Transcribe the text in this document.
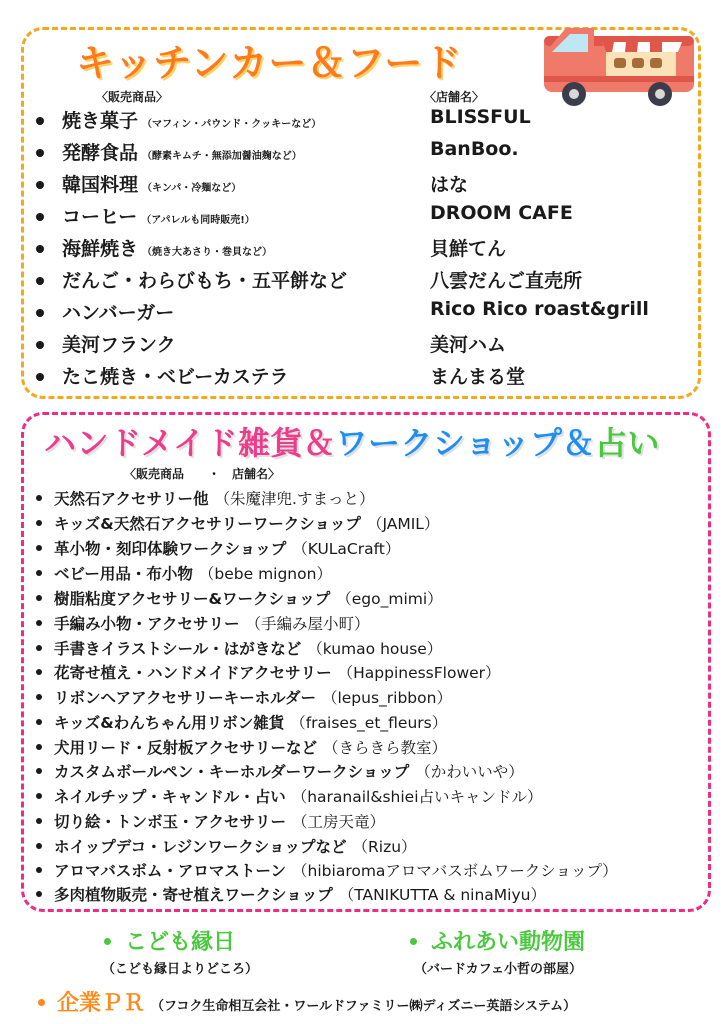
キッチンカー＆フード
〈販売商品〉	〈店舗名〉
焼き菓子 （マフィン・パウンド・クッキーなど）	BLISSFUL
発酵食品 （酵素キムチ・無添加醤油麹など）	BanBoo.
韓国料理 （キンパ・冷麺など）	はな
コーヒー （アパレルも同時販売!）	DROOM CAFE
海鮮焼き （焼き大あさり・巻貝など）	貝鮮てん
だんご・わらびもち・五平餅など	八雲だんご直売所
ハンバーガー	Rico Rico roast&grill
美河フランク	美河ハム
たこ焼き・ベビーカステラ	まんまる堂
ハンドメイド雑貨＆ワークショップ＆占い
〈販売商品　　・　店舗名〉
天然石アクセサリー他 （朱魔津兜.すまっと）
キッズ&天然石アクセサリーワークショップ （JAMIL）
革小物・刻印体験ワークショップ （KULaCraft）
ベビー用品・布小物 （bebe mignon）
樹脂粘度アクセサリー&ワークショップ （ego_mimi）
手編み小物・アクセサリー （手編み屋小町）
手書きイラストシール・はがきなど （kumao house）
花寄せ植え・ハンドメイドアクセサリー （HappinessFlower）
リボンヘアアクセサリーキーホルダー （lepus_ribbon）
キッズ&わんちゃん用リボン雑貨 （fraises_et_fleurs）
犬用リード・反射板アクセサリーなど （きらきら教室）
カスタムボールペン・キーホルダーワークショップ （かわいいや）
ネイルチップ・キャンドル・占い （haranail&shiei占いキャンドル）
切り絵・トンボ玉・アクセサリー （工房天竜）
ホイップデコ・レジンワークショップなど （Rizu）
アロマバスボム・アロマストーン （hibiaromaアロマバスボムワークショップ）
多肉植物販売・寄せ植えワークショップ （TANIKUTTA & ninaMiyu）
こども縁日
（こども縁日よりどころ）
ふれあい動物園
（バードカフェ小哲の部屋）
企業ＰＲ （フコク生命相互会社・ワールドファミリー㈱ディズニー英語システム）
